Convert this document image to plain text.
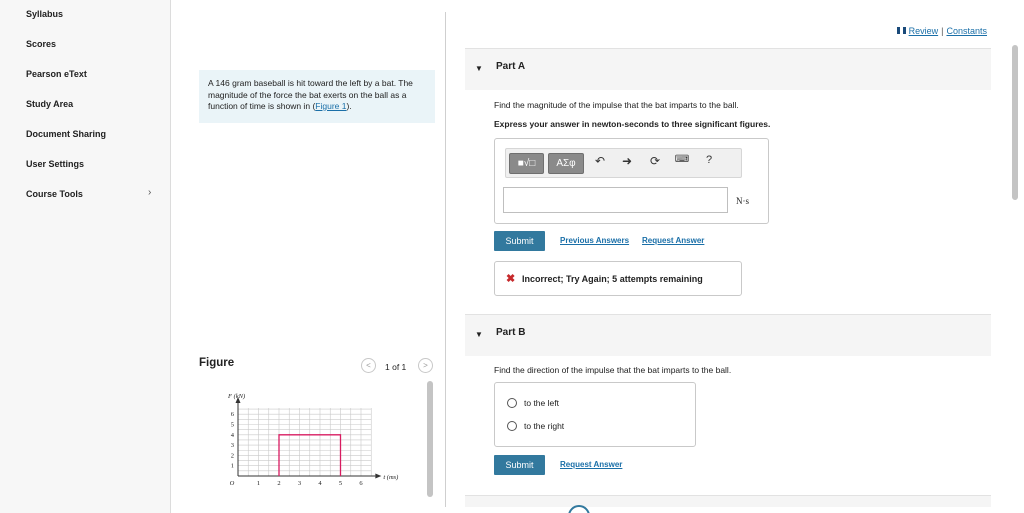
Syllabus
Scores
Pearson eText
Study Area
Document Sharing
User Settings
Course Tools	›
A 146 gram baseball is hit toward the left by a bat. The magnitude of the force the bat exerts on the ball as a function of time is shown in (Figure 1).
Figure	<	1 of 1	>
1	2	3	4	5	6
1
2
3
4
5
6
O
F (kN)
t (ms)
Review | Constants
▼ Part A
Find the magnitude of the impulse that the bat imparts to the ball.
Express your answer in newton-seconds to three significant figures.
■√□	ΑΣφ	↶ ➜ ⟳ ⌨	?
N·s
Submit	Previous Answers Request Answer
✖ Incorrect; Try Again; 5 attempts remaining
▼ Part B
Find the direction of the impulse that the bat imparts to the ball.
to the left
to the right
Submit	Request Answer
